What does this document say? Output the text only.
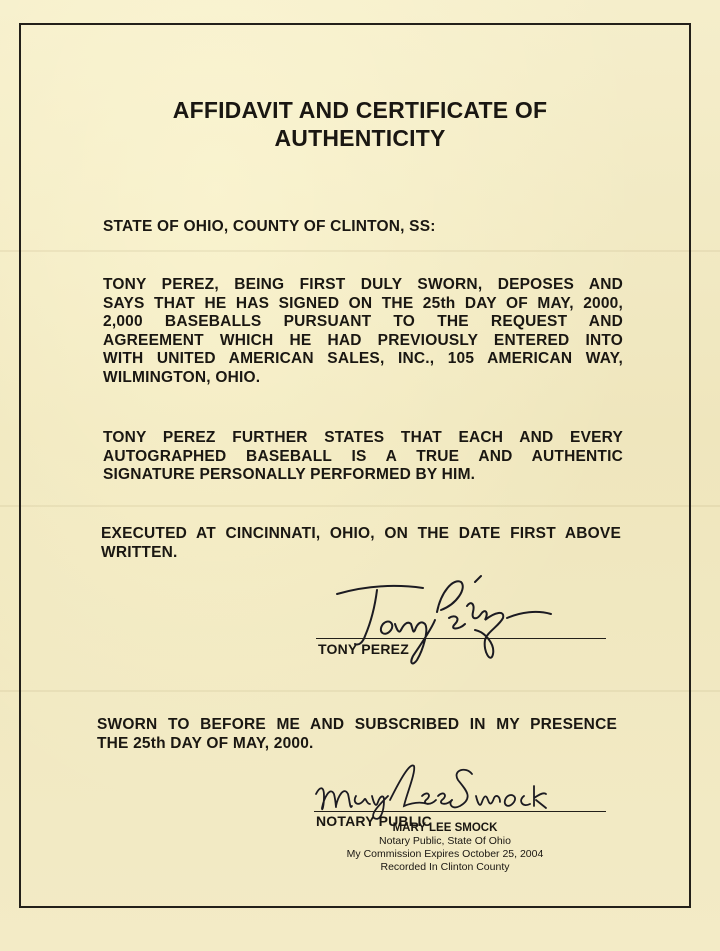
AFFIDAVIT AND CERTIFICATE OF
AUTHENTICITY
STATE OF OHIO, COUNTY OF CLINTON, SS:
TONY PEREZ, BEING FIRST DULY SWORN, DEPOSES AND
SAYS THAT HE HAS SIGNED ON THE 25th DAY OF MAY, 2000,
2,000 BASEBALLS PURSUANT TO THE REQUEST AND
AGREEMENT WHICH HE HAD PREVIOUSLY ENTERED INTO
WITH UNITED AMERICAN SALES, INC., 105 AMERICAN WAY,
WILMINGTON, OHIO.
TONY PEREZ FURTHER STATES THAT EACH AND EVERY
AUTOGRAPHED BASEBALL IS A TRUE AND AUTHENTIC
SIGNATURE PERSONALLY PERFORMED BY HIM.
EXECUTED AT CINCINNATI, OHIO, ON THE DATE FIRST ABOVE
WRITTEN.
TONY PEREZ
SWORN TO BEFORE ME AND SUBSCRIBED IN MY PRESENCE
THE 25th DAY OF MAY, 2000.
NOTARY PUBLIC
MARY LEE SMOCK
Notary Public, State Of Ohio
My Commission Expires October 25, 2004
Recorded In Clinton County
